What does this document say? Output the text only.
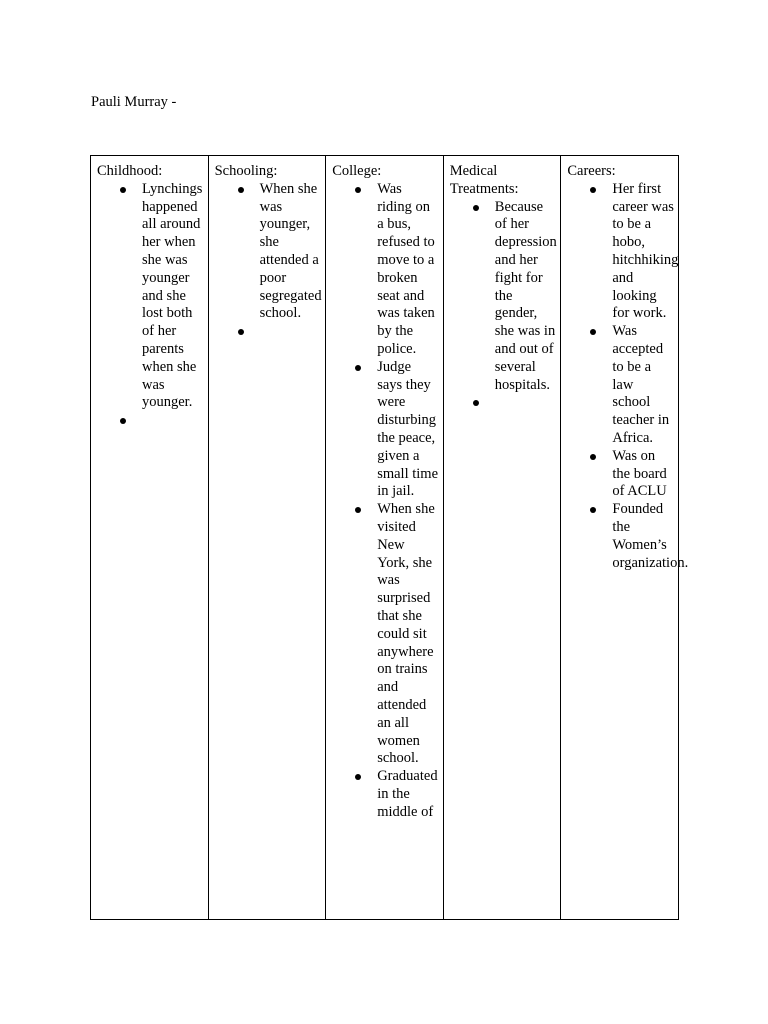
Pauli Murray -
Childhood:
Lynchings happened all around her when she was younger and she lost both of her parents when she was younger.

Schooling:
When she was younger, she attended a poor segregated school.

College:
Was riding on a bus, refused to move to a broken seat and was taken by the police.
Judge says they were disturbing the peace, given a small time in jail.
When she visited New York, she was surprised that she could sit anywhere on trains and attended an all women school.
Graduated in the middle of

Medical
Treatments:
Because of her depression and her fight for the gender, she was in and out of several hospitals.

Careers:
Her first career was to be a hobo, hitchhiking and looking for work.
Was accepted to be a law school teacher in Africa.
Was on the board of ACLU
Founded the Women’s organization.
